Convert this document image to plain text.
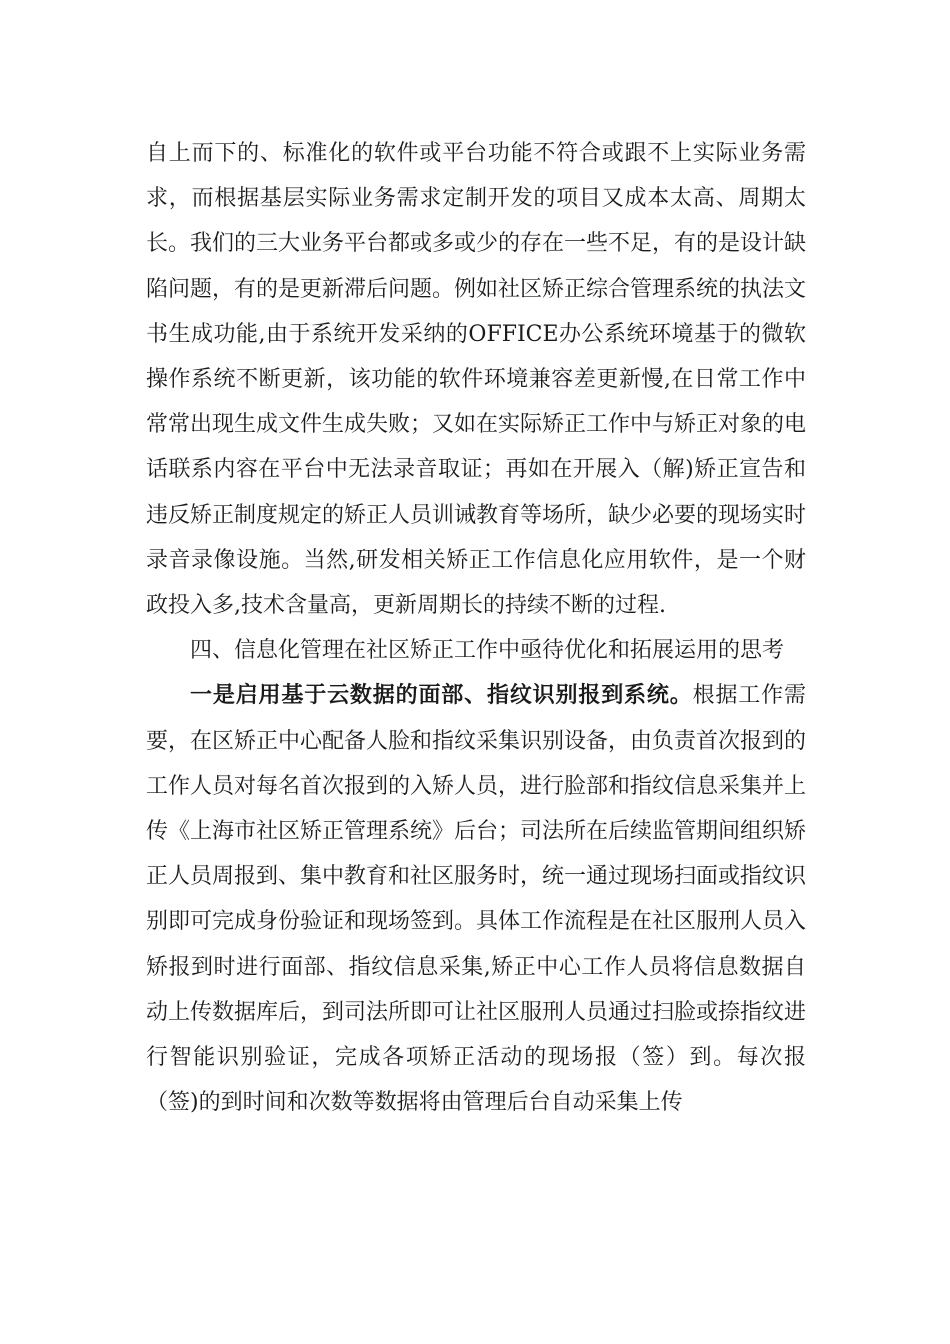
自上而下的、标准化的软件或平台功能不符合或跟不上实际业务需求，而根据基层实际业务需求定制开发的项目又成本太高、周期太长。我们的三大业务平台都或多或少的存在一些不足，有的是设计缺陷问题，有的是更新滞后问题。例如社区矫正综合管理系统的执法文书生成功能,由于系统开发采纳的OFFICE办公系统环境基于的微软操作系统不断更新，该功能的软件环境兼容差更新慢,在日常工作中常常出现生成文件生成失败；又如在实际矫正工作中与矫正对象的电话联系内容在平台中无法录音取证；再如在开展入（解)矫正宣告和违反矫正制度规定的矫正人员训诫教育等场所，缺少必要的现场实时录音录像设施。当然,研发相关矫正工作信息化应用软件，是一个财政投入多,技术含量高，更新周期长的持续不断的过程.

四、信息化管理在社区矫正工作中亟待优化和拓展运用的思考

一是启用基于云数据的面部、指纹识别报到系统。根据工作需要，在区矫正中心配备人脸和指纹采集识别设备，由负责首次报到的工作人员对每名首次报到的入矫人员，进行脸部和指纹信息采集并上传《上海市社区矫正管理系统》后台；司法所在后续监管期间组织矫正人员周报到、集中教育和社区服务时，统一通过现场扫面或指纹识别即可完成身份验证和现场签到。具体工作流程是在社区服刑人员入矫报到时进行面部、指纹信息采集,矫正中心工作人员将信息数据自动上传数据库后，到司法所即可让社区服刑人员通过扫脸或捺指纹进行智能识别验证，完成各项矫正活动的现场报（签）到。每次报（签)的到时间和次数等数据将由管理后台自动采集上传
